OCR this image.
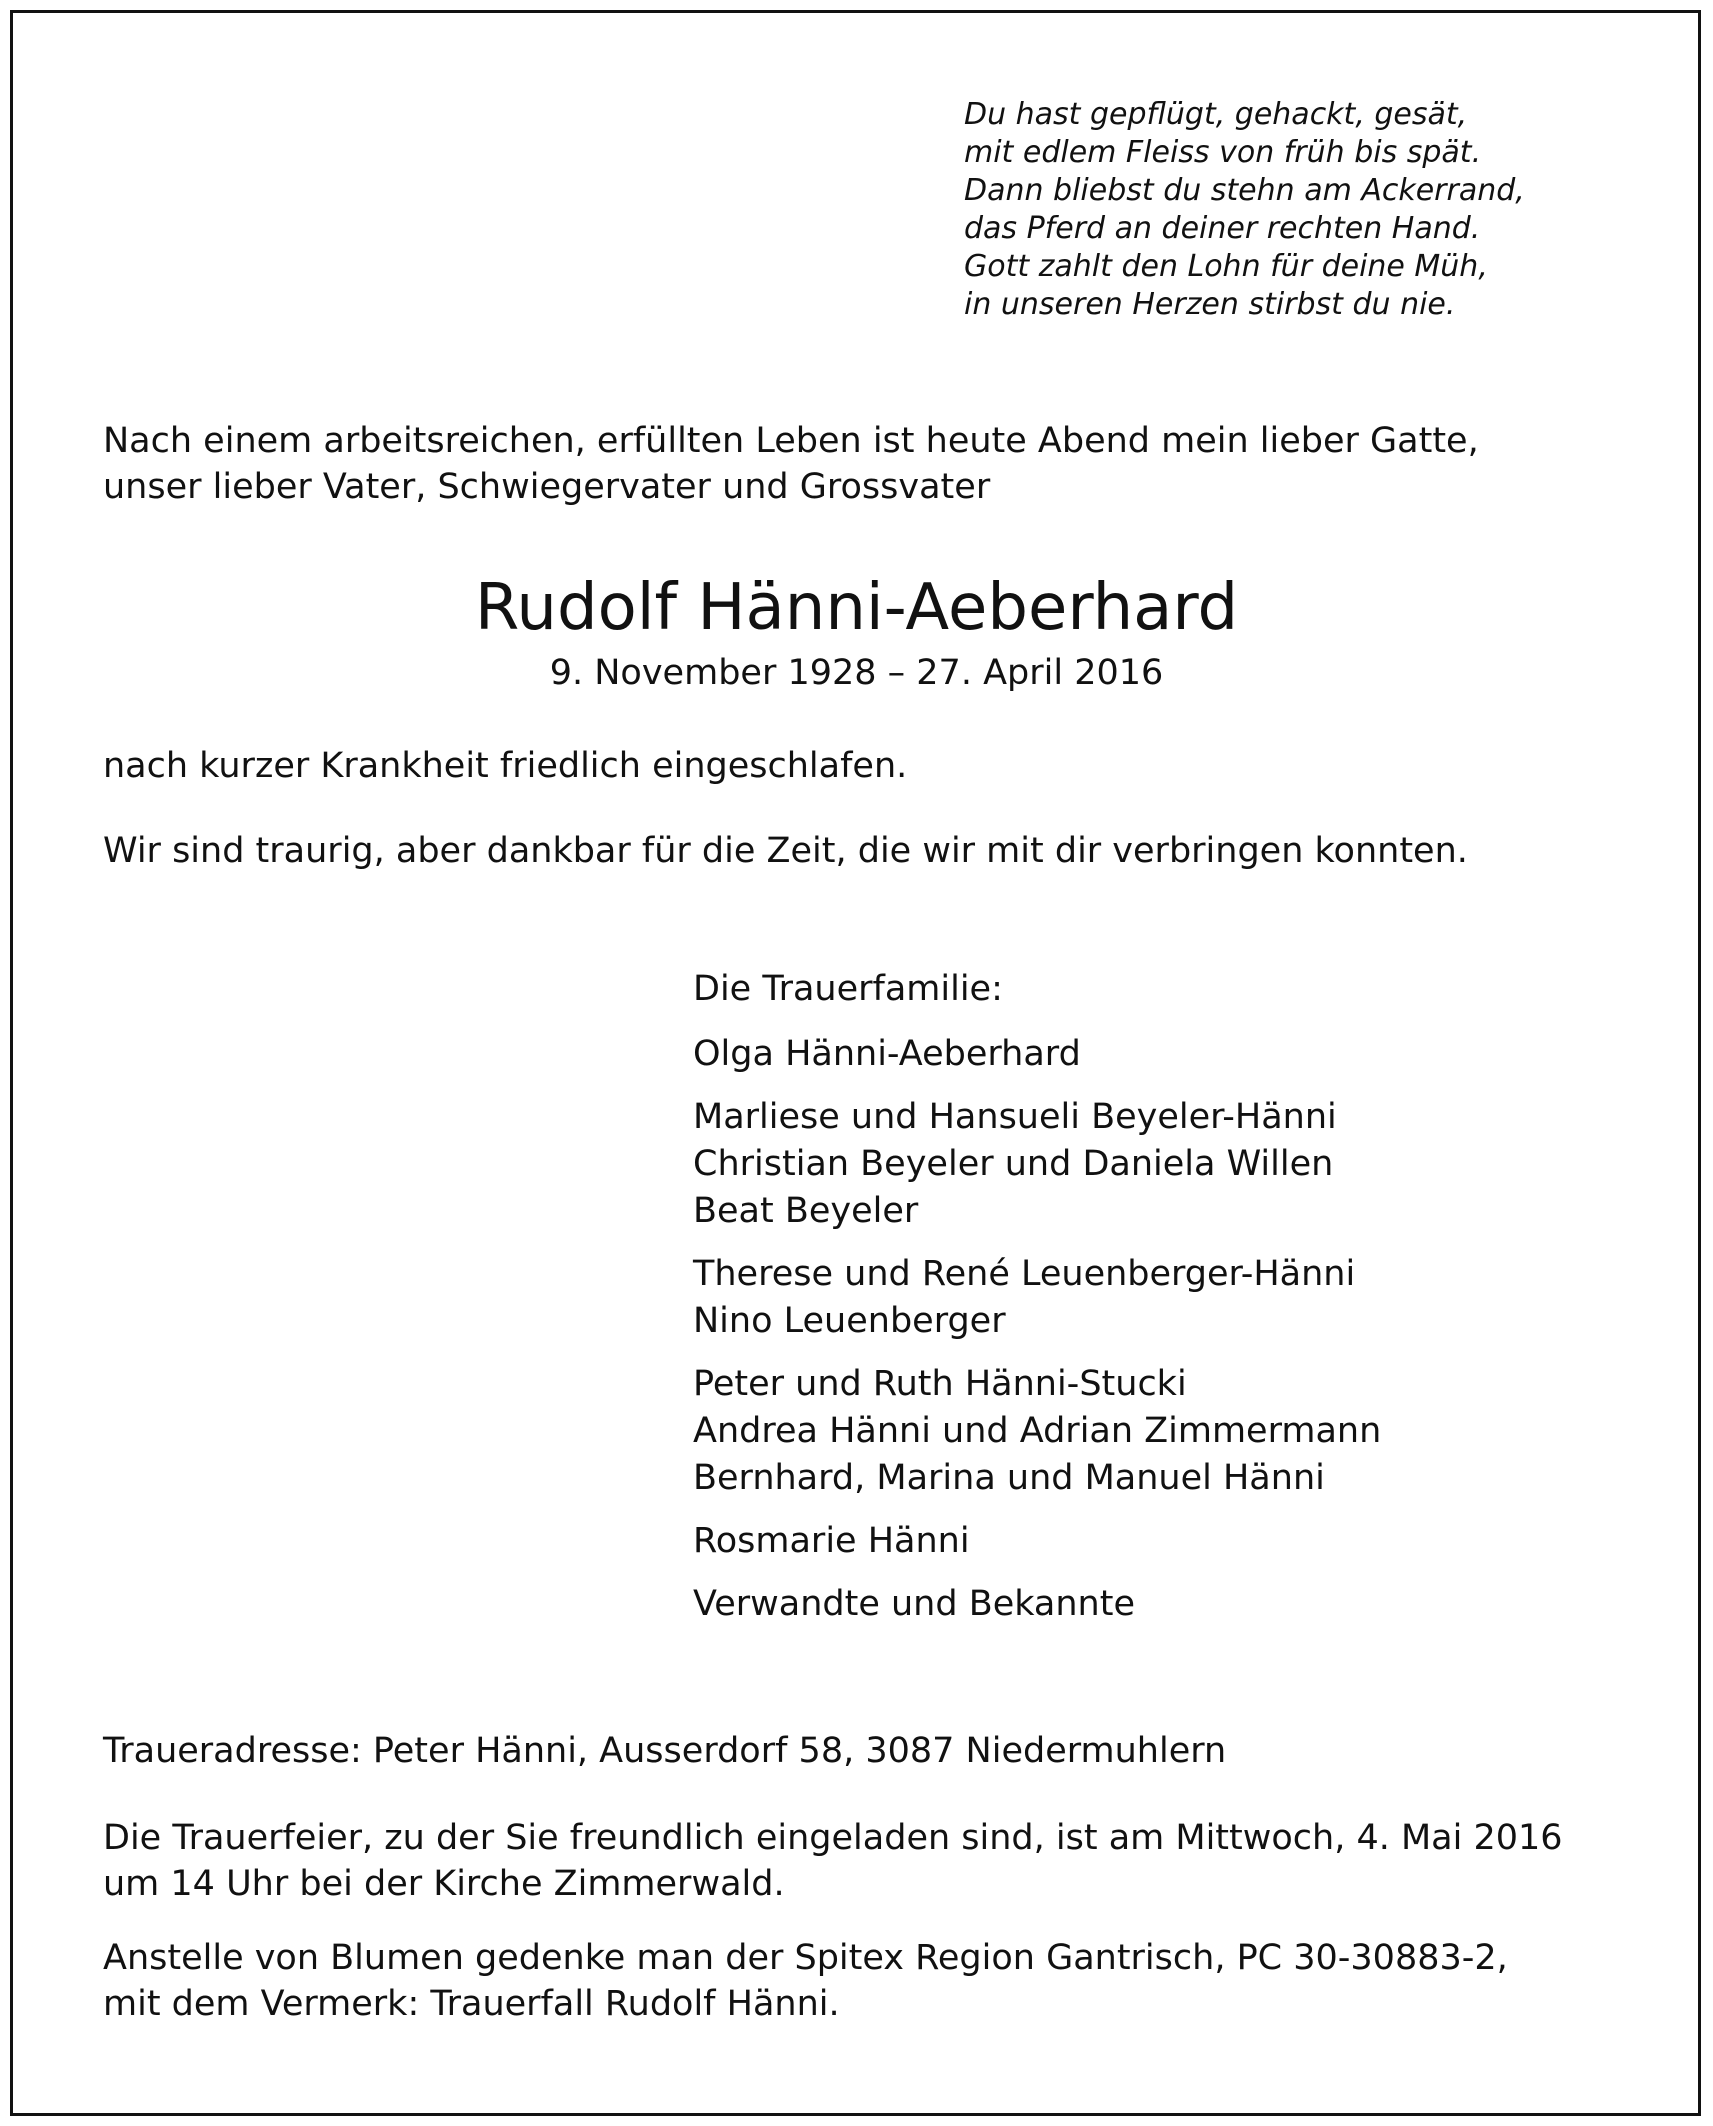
Du hast gepflügt, gehackt, gesät,
mit edlem Fleiss von früh bis spät.
Dann bliebst du stehn am Ackerrand,
das Pferd an deiner rechten Hand.
Gott zahlt den Lohn für deine Müh,
in unseren Herzen stirbst du nie.
Nach einem arbeitsreichen, erfüllten Leben ist heute Abend mein lieber Gatte,
unser lieber Vater, Schwiegervater und Grossvater
Rudolf Hänni-Aeberhard
9. November 1928 – 27. April 2016
nach kurzer Krankheit friedlich eingeschlafen.
Wir sind traurig, aber dankbar für die Zeit, die wir mit dir verbringen konnten.
Die Trauerfamilie:
Olga Hänni-Aeberhard
Marliese und Hansueli Beyeler-Hänni
Christian Beyeler und Daniela Willen
Beat Beyeler
Therese und René Leuenberger-Hänni
Nino Leuenberger
Peter und Ruth Hänni-Stucki
Andrea Hänni und Adrian Zimmermann
Bernhard, Marina und Manuel Hänni
Rosmarie Hänni
Verwandte und Bekannte
Traueradresse: Peter Hänni, Ausserdorf 58, 3087 Niedermuhlern
Die Trauerfeier, zu der Sie freundlich eingeladen sind, ist am Mittwoch, 4. Mai 2016
um 14 Uhr bei der Kirche Zimmerwald.
Anstelle von Blumen gedenke man der Spitex Region Gantrisch, PC 30-30883-2,
mit dem Vermerk: Trauerfall Rudolf Hänni.
